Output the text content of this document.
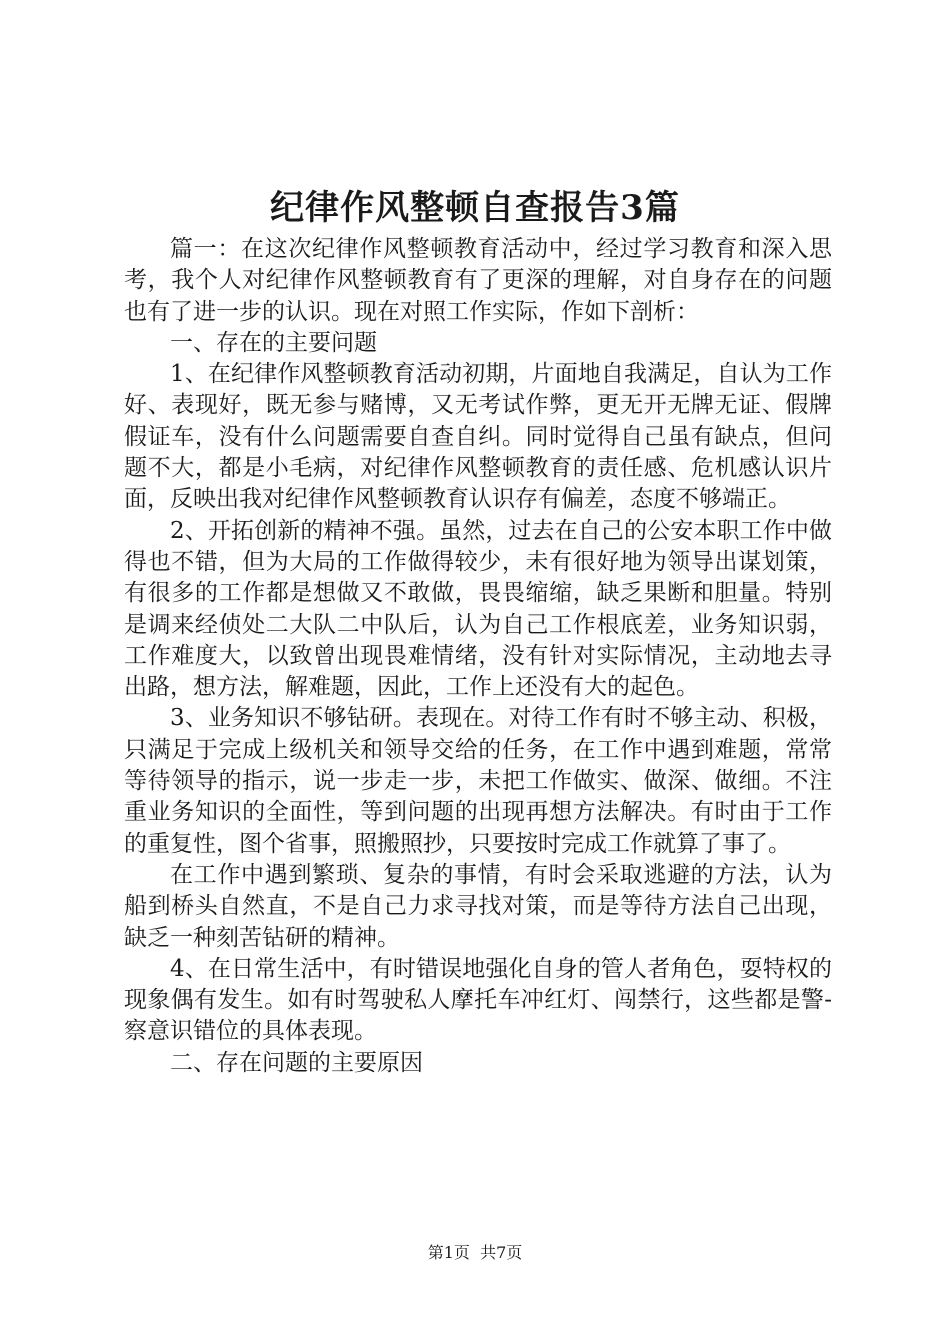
纪律作风整顿自查报告3篇

篇一：在这次纪律作风整顿教育活动中，经过学习教育和深入思考，我个人对纪律作风整顿教育有了更深的理解，对自身存在的问题也有了进一步的认识。现在对照工作实际，作如下剖析：

一、存在的主要问题

1、在纪律作风整顿教育活动初期，片面地自我满足，自认为工作好、表现好，既无参与赌博，又无考试作弊，更无开无牌无证、假牌假证车，没有什么问题需要自查自纠。同时觉得自己虽有缺点，但问题不大，都是小毛病，对纪律作风整顿教育的责任感、危机感认识片面，反映出我对纪律作风整顿教育认识存有偏差，态度不够端正。

2、开拓创新的精神不强。虽然，过去在自己的公安本职工作中做得也不错，但为大局的工作做得较少，未有很好地为领导出谋划策，有很多的工作都是想做又不敢做，畏畏缩缩，缺乏果断和胆量。特别是调来经侦处二大队二中队后，认为自己工作根底差，业务知识弱，工作难度大，以致曾出现畏难情绪，没有针对实际情况，主动地去寻出路，想方法，解难题，因此，工作上还没有大的起色。

3、业务知识不够钻研。表现在。对待工作有时不够主动、积极，只满足于完成上级机关和领导交给的任务，在工作中遇到难题，常常等待领导的指示，说一步走一步，未把工作做实、做深、做细。不注重业务知识的全面性，等到问题的出现再想方法解决。有时由于工作的重复性，图个省事，照搬照抄，只要按时完成工作就算了事了。

在工作中遇到繁琐、复杂的事情，有时会采取逃避的方法，认为船到桥头自然直，不是自己力求寻找对策，而是等待方法自己出现，缺乏一种刻苦钻研的精神。

4、在日常生活中，有时错误地强化自身的管人者角色，耍特权的现象偶有发生。如有时驾驶私人摩托车冲红灯、闯禁行，这些都是警-察意识错位的具体表现。

二、存在问题的主要原因

第1页  共7页
